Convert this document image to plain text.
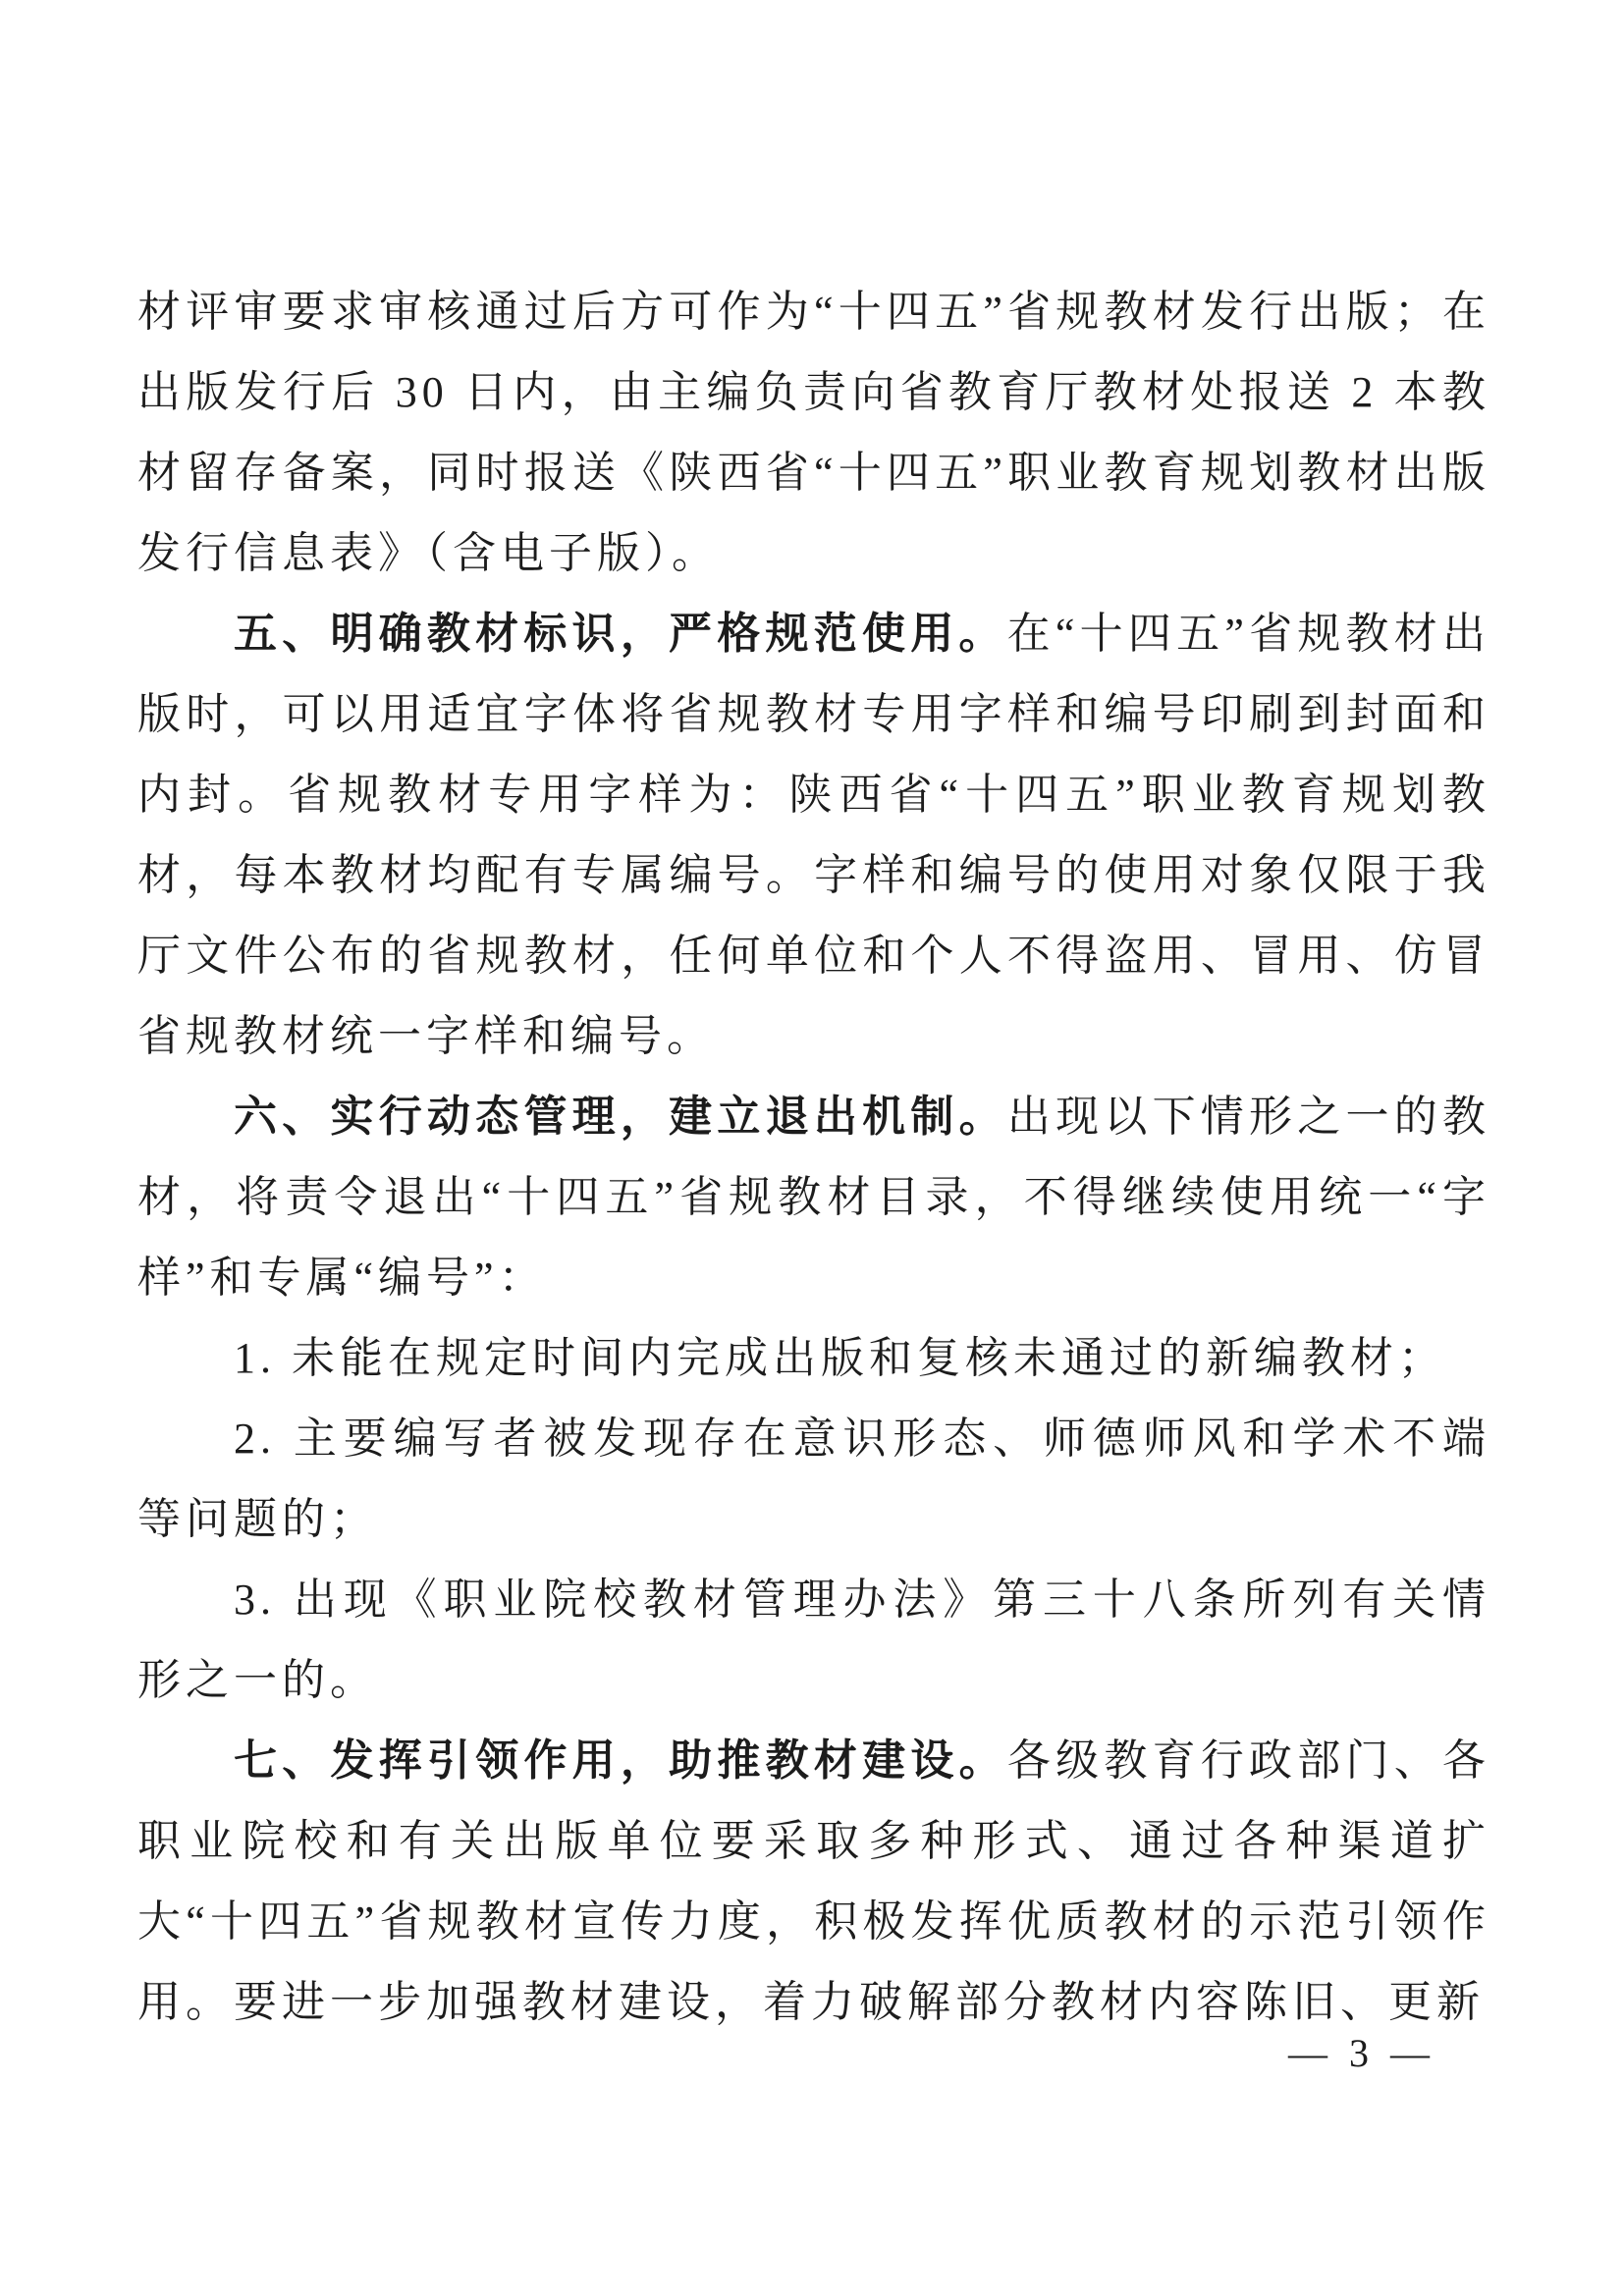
材评审要求审核通过后方可作为“十四五”省规教材发行出版；在出版发行后 30 日内，由主编负责向省教育厅教材处报送 2 本教材留存备案，同时报送《陕西省“十四五”职业教育规划教材出版发行信息表》（含电子版）。

五、明确教材标识，严格规范使用。在“十四五”省规教材出版时，可以用适宜字体将省规教材专用字样和编号印刷到封面和内封。省规教材专用字样为：陕西省“十四五”职业教育规划教材，每本教材均配有专属编号。字样和编号的使用对象仅限于我厅文件公布的省规教材，任何单位和个人不得盗用、冒用、仿冒省规教材统一字样和编号。

六、实行动态管理，建立退出机制。出现以下情形之一的教材，将责令退出“十四五”省规教材目录，不得继续使用统一“字样”和专属“编号”：

1. 未能在规定时间内完成出版和复核未通过的新编教材；

2. 主要编写者被发现存在意识形态、师德师风和学术不端等问题的；

3. 出现《职业院校教材管理办法》第三十八条所列有关情形之一的。

七、发挥引领作用，助推教材建设。各级教育行政部门、各职业院校和有关出版单位要采取多种形式、通过各种渠道扩大“十四五”省规教材宣传力度，积极发挥优质教材的示范引领作用。要进一步加强教材建设，着力破解部分教材内容陈旧、更新

— 3 —
